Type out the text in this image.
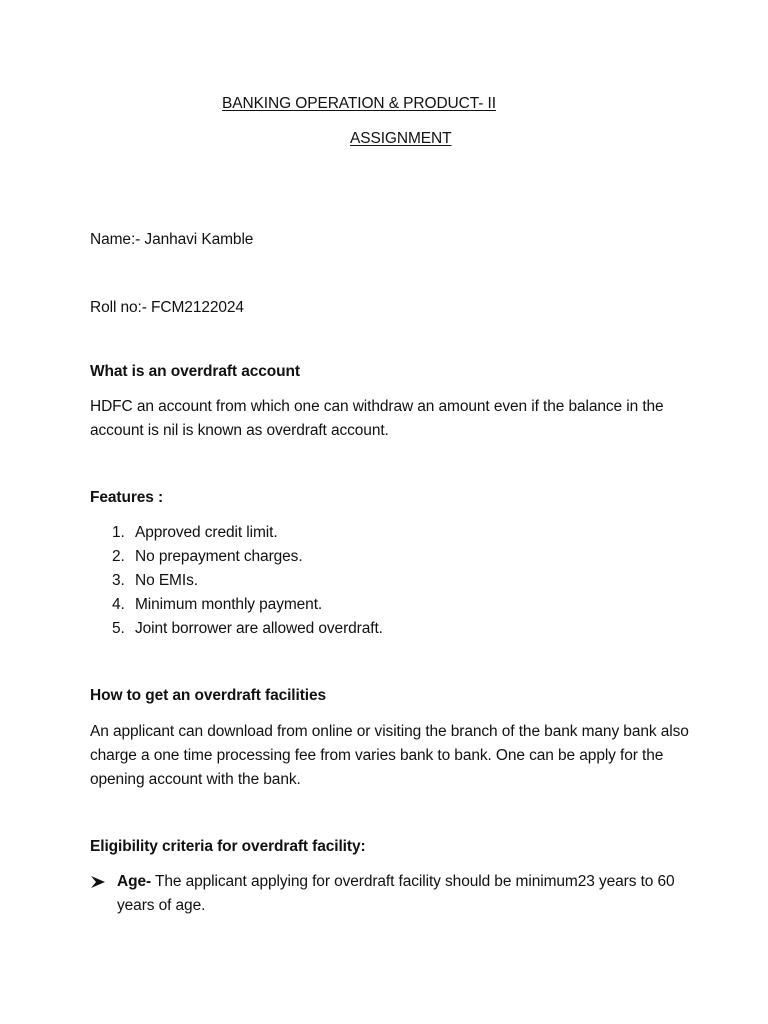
BANKING OPERATION & PRODUCT- II
ASSIGNMENT
Name:- Janhavi Kamble
Roll no:- FCM2122024
What is an overdraft account
HDFC an account from which one can withdraw an amount even if the balance in the account is nil is known as overdraft account.
Features :
1. Approved credit limit.
2. No prepayment charges.
3. No EMIs.
4. Minimum monthly payment.
5. Joint borrower are allowed overdraft.
How to get an overdraft facilities
An applicant can download from online or visiting the branch of the bank many bank also charge a one time processing fee from varies bank to bank. One can be apply for the opening account with the bank.
Eligibility criteria for overdraft facility:
Age- The applicant applying for overdraft facility should be minimum23 years to 60 years of age.
